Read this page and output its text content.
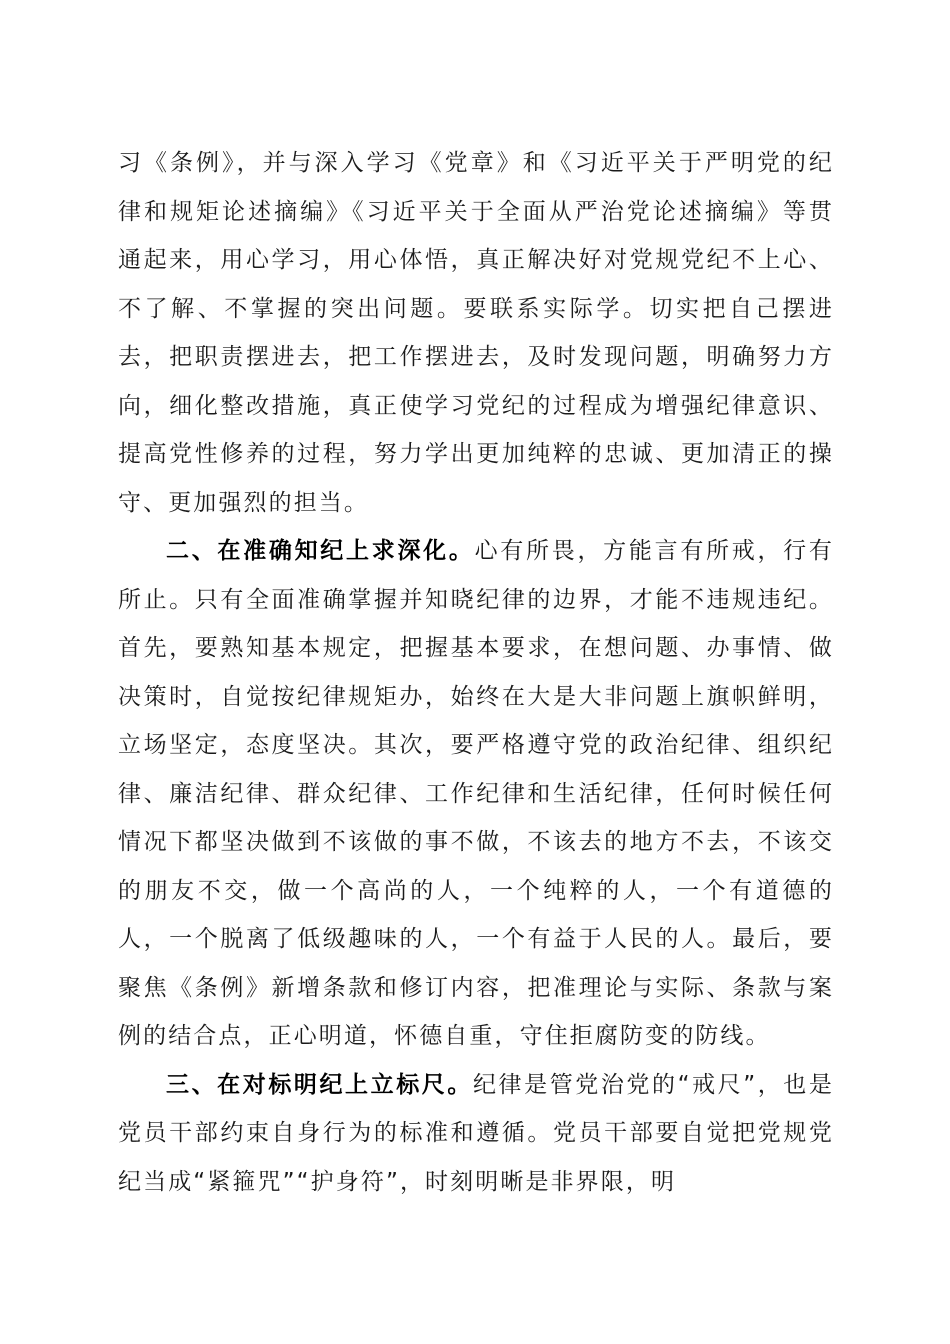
习《条例》，并与深入学习《党章》和《习近平关于严明党的纪律和规矩论述摘编》《习近平关于全面从严治党论述摘编》等贯通起来，用心学习，用心体悟，真正解决好对党规党纪不上心、不了解、不掌握的突出问题。要联系实际学。切实把自己摆进去，把职责摆进去，把工作摆进去，及时发现问题，明确努力方向，细化整改措施，真正使学习党纪的过程成为增强纪律意识、提高党性修养的过程，努力学出更加纯粹的忠诚、更加清正的操守、更加强烈的担当。

二、在准确知纪上求深化。心有所畏，方能言有所戒，行有所止。只有全面准确掌握并知晓纪律的边界，才能不违规违纪。首先，要熟知基本规定，把握基本要求，在想问题、办事情、做决策时，自觉按纪律规矩办，始终在大是大非问题上旗帜鲜明，立场坚定，态度坚决。其次，要严格遵守党的政治纪律、组织纪律、廉洁纪律、群众纪律、工作纪律和生活纪律，任何时候任何情况下都坚决做到不该做的事不做，不该去的地方不去，不该交的朋友不交，做一个高尚的人，一个纯粹的人，一个有道德的人，一个脱离了低级趣味的人，一个有益于人民的人。最后，要聚焦《条例》新增条款和修订内容，把准理论与实际、条款与案例的结合点，正心明道，怀德自重，守住拒腐防变的防线。

三、在对标明纪上立标尺。纪律是管党治党的“戒尺”，也是党员干部约束自身行为的标准和遵循。党员干部要自觉把党规党纪当成“紧箍咒”“护身符”，时刻明晰是非界限，明
